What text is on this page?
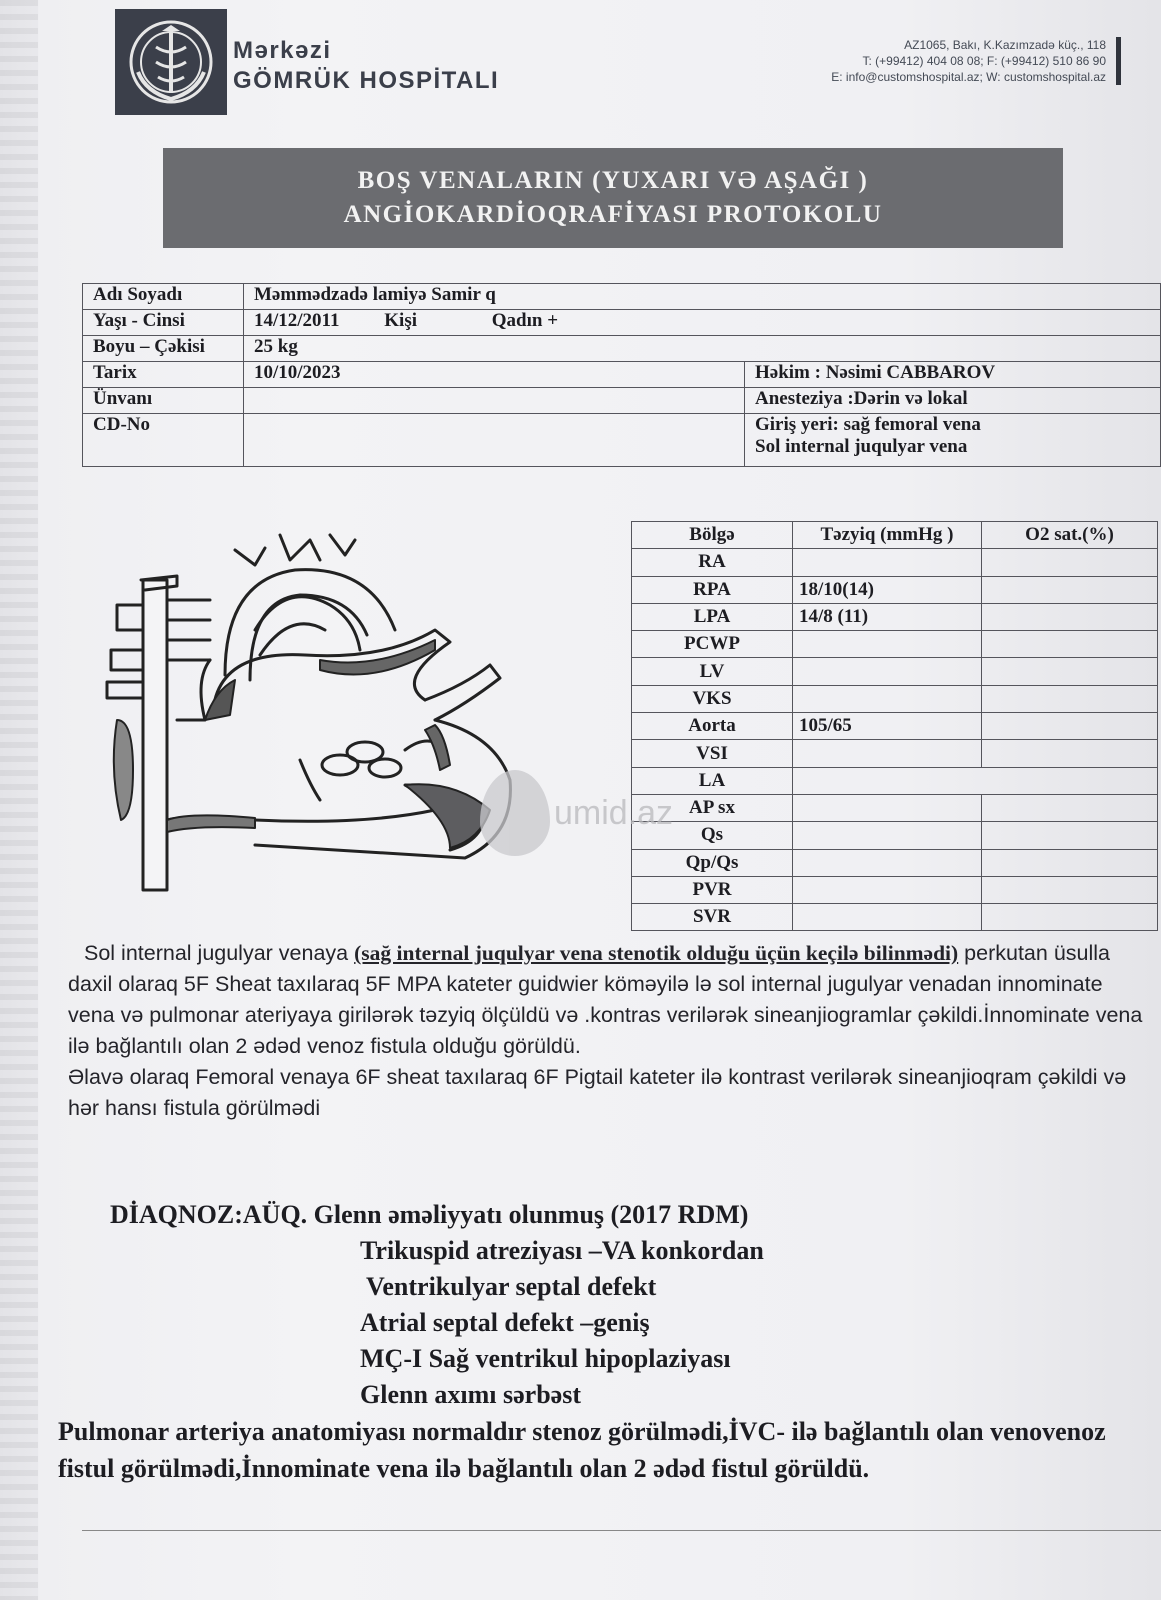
Mərkəzi
GÖMRÜK HOSPİTALI
AZ1065, Bakı, K.Kazımzadə küç., 118
T: (+99412) 404 08 08; F: (+99412) 510 86 90
E: info@customshospital.az; W: customshospital.az
BOŞ VENALARIN (YUXARI VƏ AŞAĞI )
ANGİOKARDİOQRAFİYASI PROTOKOLU
Adı Soyadı	Məmmədzadə lamiyə Samir q	
Yaşı - Cinsi	14/12/2011 Kişi Qadın +	
Boyu – Çəkisi	25 kg	
Tarix	10/10/2023	Həkim : Nəsimi CABBAROV
Ünvanı		Anesteziya :Dərin və lokal
CD-No		Giriş yeri: sağ femoral vena
Sol internal juqulyar vena
Bölgə	Təzyiq (mmHg )	O2 sat.(%)
RA		
RPA	18/10(14)	
LPA	14/8 (11)	
PCWP		
LV		
VKS		
Aorta	105/65	
VSI		
LA		
AP sx		
Qs		
Qp/Qs		
PVR		
SVR		
umid.az

Sol internal jugulyar venaya (sağ internal juqulyar vena stenotik olduğu üçün keçilə bilinmədi) perkutan üsulla daxil olaraq 5F Sheat taxılaraq 5F MPA kateter guidwier köməyilə lə sol internal jugulyar venadan innominate vena və pulmonar ateriyaya girilərək təzyiq ölçüldü və .kontras verilərək sineanjiogramlar çəkildi.İnnominate vena ilə bağlantılı olan 2 ədəd venoz fistula olduğu görüldü.

Əlavə olaraq Femoral venaya 6F sheat taxılaraq 6F Pigtail kateter ilə kontrast verilərək sineanjioqram çəkildi və hər hansı fistula görülmədi

DİAQNOZ:AÜQ. Glenn əməliyyatı olunmuş (2017 RDM)
Trikuspid atreziyası –VA konkordan
Ventrikulyar septal defekt
Atrial septal defekt –geniş
MÇ-I Sağ ventrikul hipoplaziyası
Glenn axımı sərbəst
Pulmonar arteriya anatomiyası normaldır stenoz görülmədi,İVC- ilə bağlantılı olan venovenoz fistul görülmədi,İnnominate vena ilə bağlantılı olan 2 ədəd fistul görüldü.
